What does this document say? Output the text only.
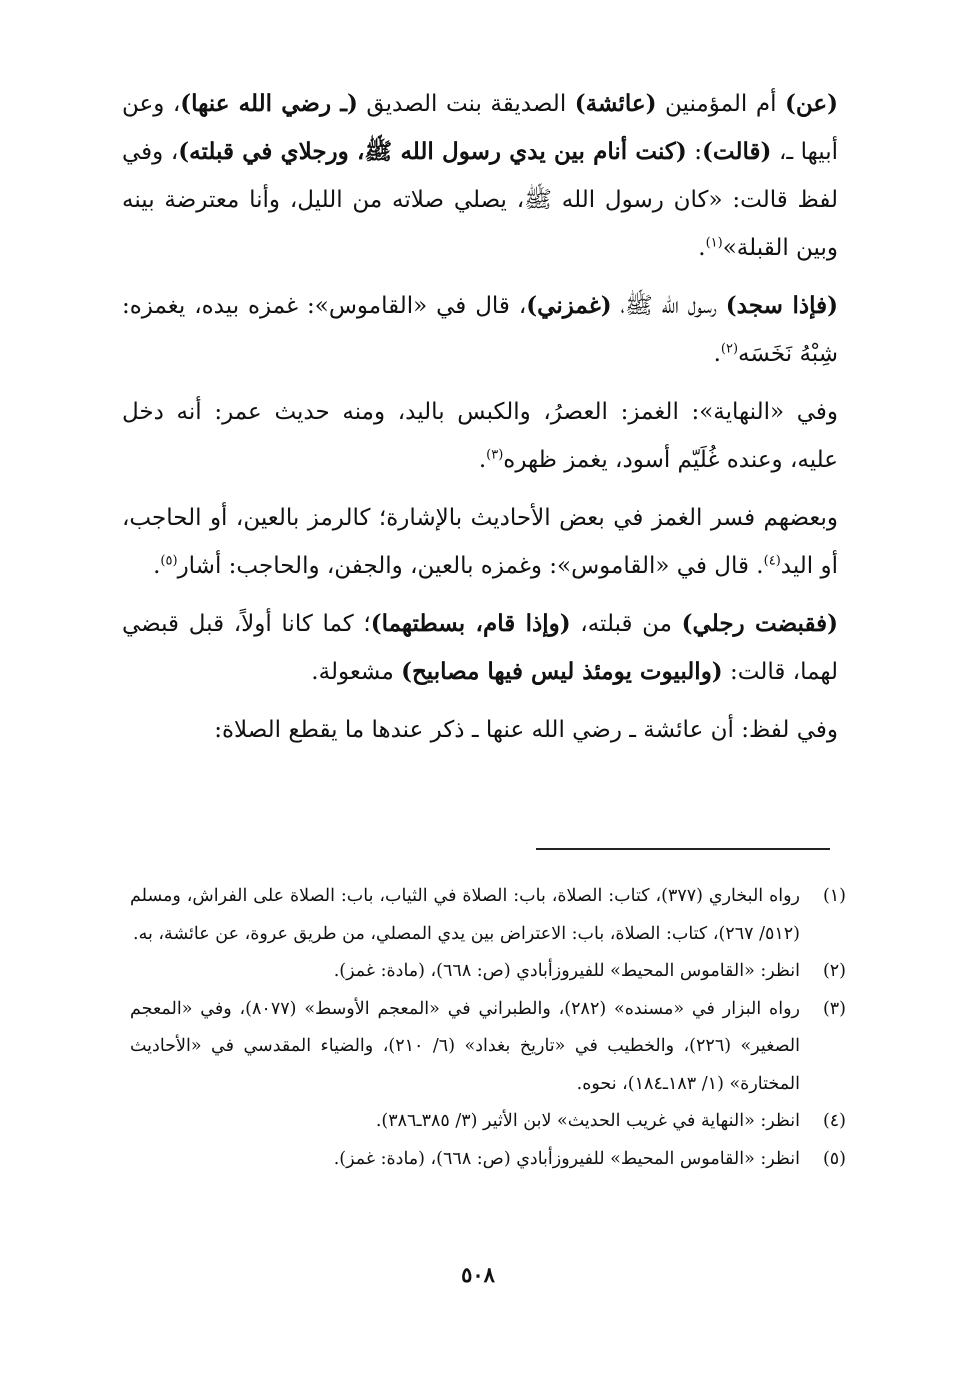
(عن) أم المؤمنين (عائشة) الصديقة بنت الصديق (ـ رضي الله عنها)، وعن أبيها ـ، (قالت): (كنت أنام بين يدي رسول الله ﷺ، ورجلاي في قبلته)، وفي لفظ قالت: «كان رسول الله ﷺ، يصلي صلاته من الليل، وأنا معترضة بينه وبين القبلة»$^{(١)}$.

(فإذا سجد) رسول الله ﷺ، (غمزني)، قال في «القاموس»: غمزه بيده، يغمزه: شِبْهُ نَخَسَه$^{(٢)}$.

وفي «النهاية»: الغمز: العصرُ، والكبس باليد، ومنه حديث عمر: أنه دخل عليه، وعنده غُلَيّم أسود، يغمز ظهره$^{(٣)}$.

وبعضهم فسر الغمز في بعض الأحاديث بالإشارة؛ كالرمز بالعين، أو الحاجب، أو اليد$^{(٤)}$. قال في «القاموس»: وغمزه بالعين، والجفن، والحاجب: أشار$^{(٥)}$.

(فقبضت رجلي) من قبلته، (وإذا قام، بسطتهما)؛ كما كانا أولاً، قبل قبضي لهما، قالت: (والبيوت يومئذ ليس فيها مصابيح) مشعولة.

وفي لفظ: أن عائشة ـ رضي الله عنها ـ ذكر عندها ما يقطع الصلاة:

(١)
رواه البخاري (٣٧٧)، كتاب: الصلاة، باب: الصلاة في الثياب، باب: الصلاة على الفراش، ومسلم (٥١٢/ ٢٦٧)، كتاب: الصلاة، باب: الاعتراض بين يدي المصلي، من طريق عروة، عن عائشة، به.
(٢)
انظر: «القاموس المحيط» للفيروزأبادي (ص: ٦٦٨)، (مادة: غمز).
(٣)
رواه البزار في «مسنده» (٢٨٢)، والطبراني في «المعجم الأوسط» (٨٠٧٧)، وفي «المعجم الصغير» (٢٢٦)، والخطيب في «تاريخ بغداد» (٦/ ٢١٠)، والضياء المقدسي في «الأحاديث المختارة» (١/ ١٨٣ـ١٨٤)، نحوه.
(٤)
انظر: «النهاية في غريب الحديث» لابن الأثير (٣/ ٣٨٥ـ٣٨٦).
(٥)
انظر: «القاموس المحيط» للفيروزأبادي (ص: ٦٦٨)، (مادة: غمز).
٥٠٨
